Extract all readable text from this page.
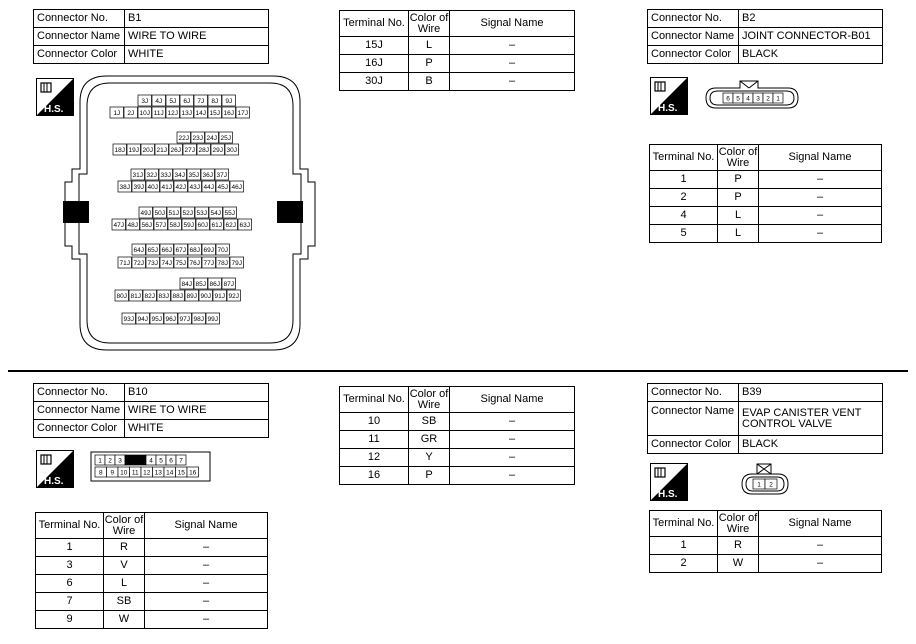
Connector No.	B1
Connector Name	WIRE TO WIRE
Connector Color	WHITE
H.S.
3J 4J 5J 6J 7J 8J 9J
1J 2J 10J 11J 12J 13J 14J 15J 16J 17J
22J 23J 24J 25J
18J 19J 20J 21J 26J 27J 28J 29J 30J
31J 32J 33J 34J 35J 36J 37J
38J 39J 40J 41J 42J 43J 44J 45J 46J
49J 50J 51J 52J 53J 54J 55J
47J 48J 56J 57J 58J 59J 60J 61J 62J 63J
64J 65J 66J 67J 68J 69J 70J
71J 72J 73J 74J 75J 76J 77J 78J 79J
84J 85J 86J 87J
80J 81J 82J 83J 88J 89J 90J 91J 92J
93J 94J 95J 96J 97J 98J 99J
Terminal No.	Color of Wire	Signal Name
15J	L	–
16J	P	–
30J	B	–
Connector No.	B2
Connector Name	JOINT CONNECTOR-B01
Connector Color	BLACK
H.S.
6 5 4 3 2 1
Terminal No.	Color of Wire	Signal Name
1	P	–
2	P	–
4	L	–
5	L	–
Connector No.	B10
Connector Name	WIRE TO WIRE
Connector Color	WHITE
H.S.
1 2 3	4 5 6 7
8 9 10 11 12 13 14 15 16
Terminal No.	Color of Wire	Signal Name
1	R	–
3	V	–
6	L	–
7	SB	–
9	W	–
Terminal No.	Color of Wire	Signal Name
10	SB	–
11	GR	–
12	Y	–
16	P	–
Connector No.	B39
Connector Name	EVAP CANISTER VENT
CONTROL VALVE
Connector Color	BLACK
H.S.
1 2
Terminal No.	Color of Wire	Signal Name
1	R	–
2	W	–
